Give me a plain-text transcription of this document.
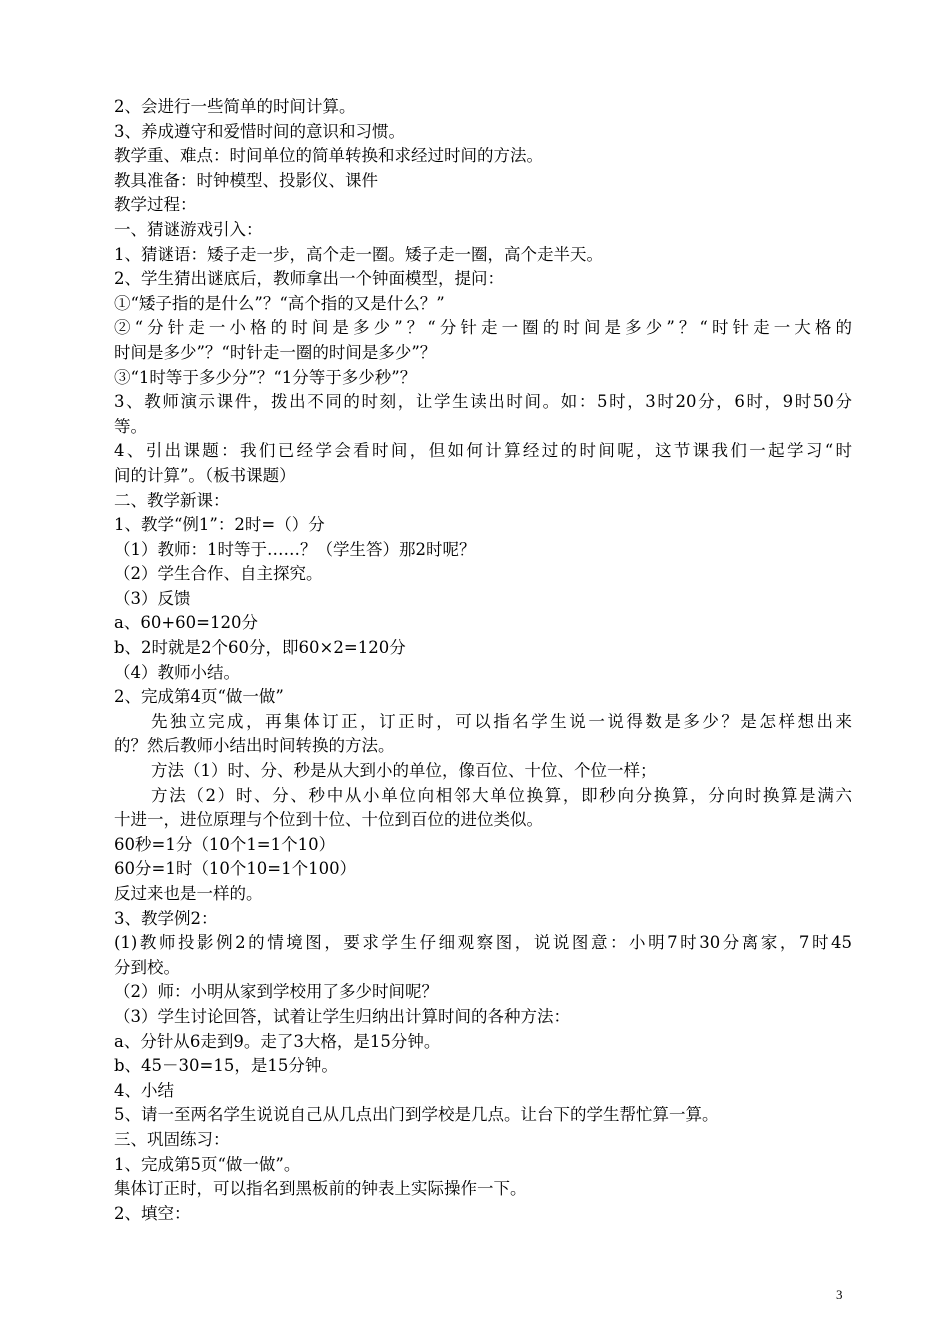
2、会进行一些简单的时间计算。
3、养成遵守和爱惜时间的意识和习惯。
教学重、难点：时间单位的简单转换和求经过时间的方法。
教具准备：时钟模型、投影仪、课件
教学过程：
一、猜谜游戏引入：
1、猜谜语：矮子走一步，高个走一圈。矮子走一圈，高个走半天。
2、学生猜出谜底后，教师拿出一个钟面模型，提问：
①“矮子指的是什么”？“高个指的又是什么？”
②“分针走一小格的时间是多少”？“分针走一圈的时间是多少”？“时针走一大格的
时间是多少”？“时针走一圈的时间是多少”？
③“1时等于多少分”？“1分等于多少秒”？
3、教师演示课件，拨出不同的时刻，让学生读出时间。如：5时，3时20分，6时，9时50分
等。
4、引出课题：我们已经学会看时间，但如何计算经过的时间呢，这节课我们一起学习“时
间的计算”。（板书课题）
二、教学新课：
1、教学“例1”：2时=（）分
（1）教师：1时等于……？（学生答）那2时呢？
（2）学生合作、自主探究。
（3）反馈
a、60+60=120分
b、2时就是2个60分，即60×2=120分
（4）教师小结。
2、完成第4页“做一做”
先独立完成，再集体订正，订正时，可以指名学生说一说得数是多少？是怎样想出来
的？然后教师小结出时间转换的方法。
方法（1）时、分、秒是从大到小的单位，像百位、十位、个位一样；
方法（2）时、分、秒中从小单位向相邻大单位换算，即秒向分换算，分向时换算是满六
十进一，进位原理与个位到十位、十位到百位的进位类似。
60秒=1分（10个1=1个10）
60分=1时（10个10=1个100）
反过来也是一样的。
3、教学例2：
(1)教师投影例2的情境图，要求学生仔细观察图，说说图意：小明7时30分离家，7时45
分到校。
（2）师：小明从家到学校用了多少时间呢？
（3）学生讨论回答，试着让学生归纳出计算时间的各种方法：
a、分针从6走到9。走了3大格，是15分钟。
b、45－30=15，是15分钟。
4、小结
5、请一至两名学生说说自己从几点出门到学校是几点。让台下的学生帮忙算一算。
三、巩固练习：
1、完成第5页“做一做”。
集体订正时，可以指名到黑板前的钟表上实际操作一下。
2、填空：
3
